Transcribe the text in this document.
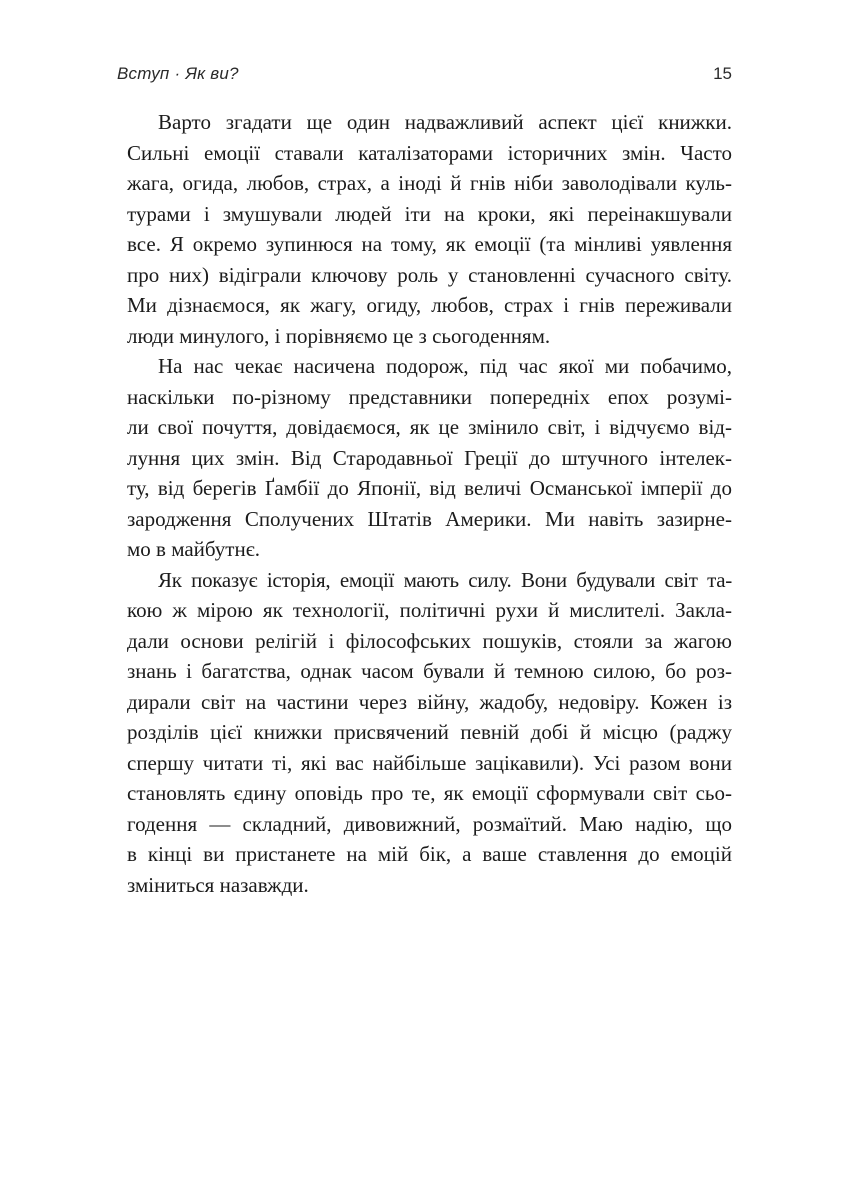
Вступ · Як ви?	15

Варто згадати ще один надважливий аспект цієї книжки.
Сильні емоції ставали каталізаторами історичних змін. Часто
жага, огида, любов, страх, а іноді й гнів ніби заволодівали куль-
турами і змушували людей іти на кроки, які переінакшували
все. Я окремо зупинюся на тому, як емоції (та мінливі уявлення
про них) відіграли ключову роль у становленні сучасного світу.
Ми дізнаємося, як жагу, огиду, любов, страх і гнів переживали
люди минулого, і порівняємо це з сьогоденням.

На нас чекає насичена подорож, під час якої ми побачимо,
наскільки по-різному представники попередніх епох розумі-
ли свої почуття, довідаємося, як це змінило світ, і відчуємо від-
луння цих змін. Від Стародавньої Греції до штучного інтелек-
ту, від берегів Ґамбії до Японії, від величі Османської імперії до
зародження Сполучених Штатів Америки. Ми навіть зазирне-
мо в майбутнє.

Як показує історія, емоції мають силу. Вони будували світ та-
кою ж мірою як технології, політичні рухи й мислителі. Закла-
дали основи релігій і філософських пошуків, стояли за жагою
знань і багатства, однак часом бували й темною силою, бо роз-
дирали світ на частини через війну, жадобу, недовіру. Кожен із
розділів цієї книжки присвячений певній добі й місцю (раджу
спершу читати ті, які вас найбільше зацікавили). Усі разом вони
становлять єдину оповідь про те, як емоції сформували світ сьо-
годення — складний, дивовижний, розмаїтий. Маю надію, що
в кінці ви пристанете на мій бік, а ваше ставлення до емоцій
зміниться назавжди.
